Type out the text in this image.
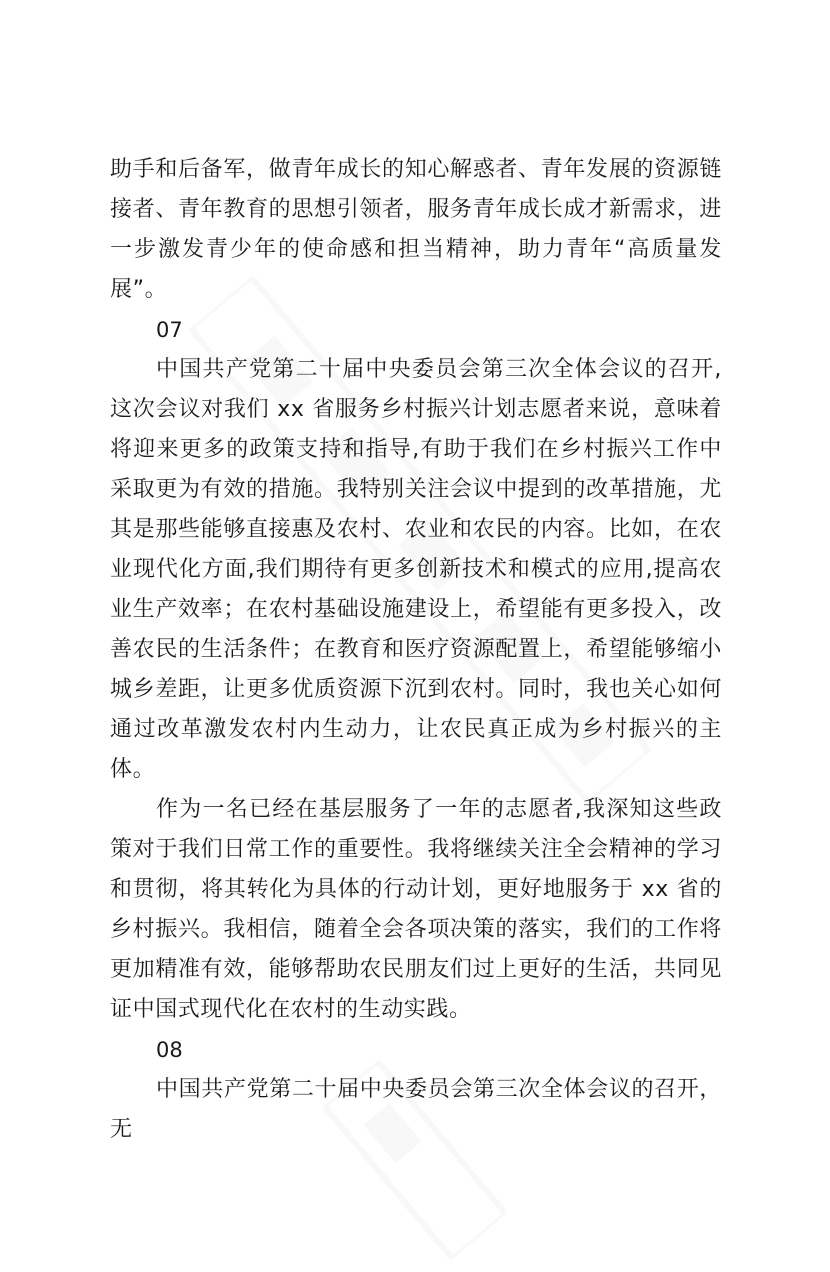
助手和后备军，做青年成长的知心解惑者、青年发展的资源链接者、青年教育的思想引领者，服务青年成长成才新需求，进一步激发青少年的使命感和担当精神，助力青年“高质量发展”。

07

中国共产党第二十届中央委员会第三次全体会议的召开,这次会议对我们 xx 省服务乡村振兴计划志愿者来说，意味着将迎来更多的政策支持和指导,有助于我们在乡村振兴工作中采取更为有效的措施。我特别关注会议中提到的改革措施，尤其是那些能够直接惠及农村、农业和农民的内容。比如，在农业现代化方面,我们期待有更多创新技术和模式的应用,提高农业生产效率；在农村基础设施建设上，希望能有更多投入，改善农民的生活条件；在教育和医疗资源配置上，希望能够缩小城乡差距，让更多优质资源下沉到农村。同时，我也关心如何通过改革激发农村内生动力，让农民真正成为乡村振兴的主体。

作为一名已经在基层服务了一年的志愿者,我深知这些政策对于我们日常工作的重要性。我将继续关注全会精神的学习和贯彻，将其转化为具体的行动计划，更好地服务于 xx 省的乡村振兴。我相信，随着全会各项决策的落实，我们的工作将更加精准有效，能够帮助农民朋友们过上更好的生活，共同见证中国式现代化在农村的生动实践。

08

中国共产党第二十届中央委员会第三次全体会议的召开，无
